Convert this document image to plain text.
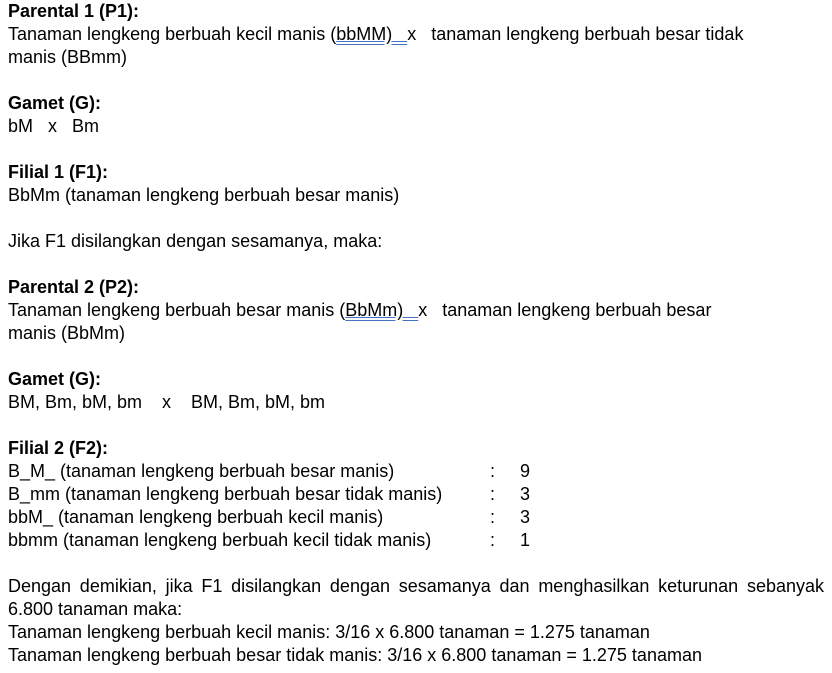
Parental 1 (P1):
Tanaman lengkeng berbuah kecil manis (bbMM)   x   tanaman lengkeng berbuah besar tidak
manis (BBmm)
Gamet (G):
bM   x   Bm
Filial 1 (F1):
BbMm (tanaman lengkeng berbuah besar manis)
Jika F1 disilangkan dengan sesamanya, maka:
Parental 2 (P2):
Tanaman lengkeng berbuah besar manis (BbMm)   x   tanaman lengkeng berbuah besar
manis (BbMm)
Gamet (G):
BM, Bm, bM, bm    x    BM, Bm, bM, bm
Filial 2 (F2):
B_M_ (tanaman lengkeng berbuah besar manis)	:	9
B_mm (tanaman lengkeng berbuah besar tidak manis)	:	3
bbM_ (tanaman lengkeng berbuah kecil manis)	:	3
bbmm (tanaman lengkeng berbuah kecil tidak manis)	:	1
Dengan demikian, jika F1 disilangkan dengan sesamanya dan menghasilkan keturunan sebanyak 6.800 tanaman maka:
Tanaman lengkeng berbuah kecil manis: 3/16 x 6.800 tanaman = 1.275 tanaman
Tanaman lengkeng berbuah besar tidak manis: 3/16 x 6.800 tanaman = 1.275 tanaman
